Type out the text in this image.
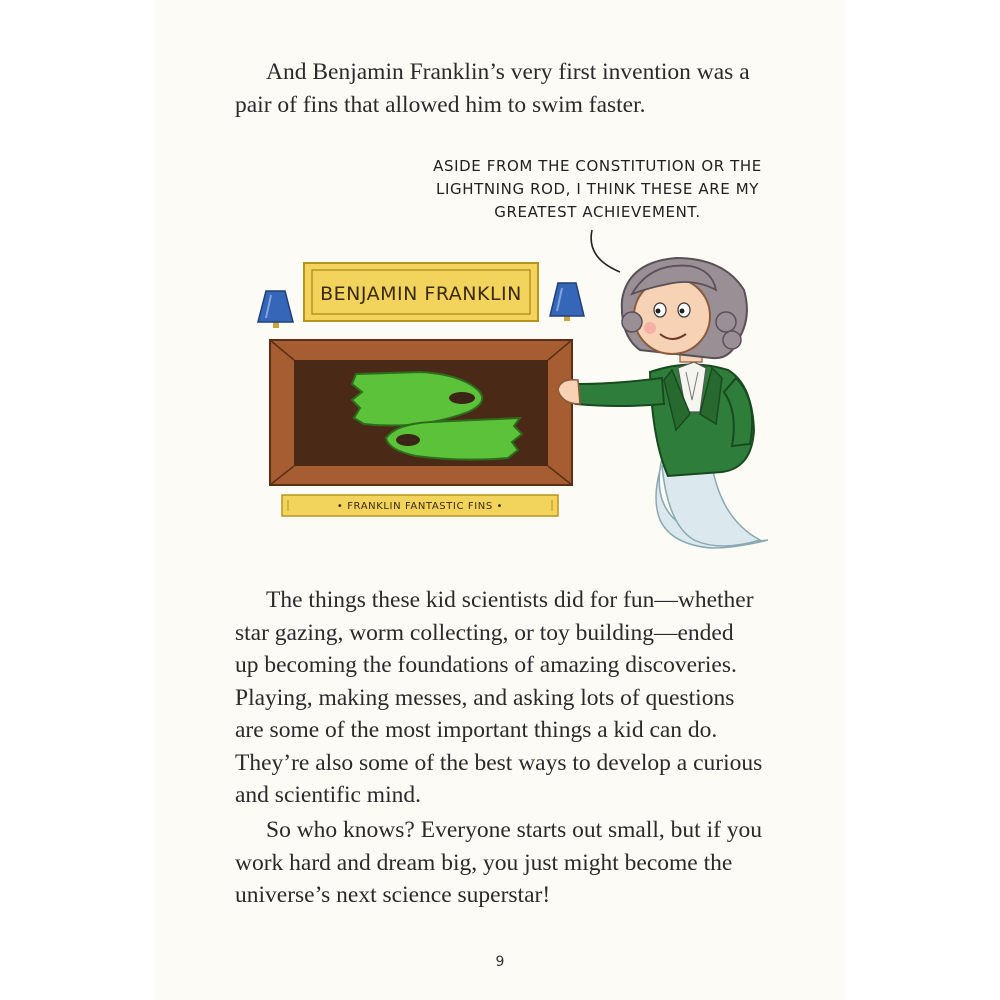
And Benjamin Franklin’s very first invention was a
pair of fins that allowed him to swim faster.

ASIDE FROM THE CONSTITUTION OR THE
LIGHTNING ROD, I THINK THESE ARE MY
GREATEST ACHIEVEMENT.
BENJAMIN FRANKLIN
• FRANKLIN FANTASTIC FINS •

The things these kid scientists did for fun—whether
star gazing, worm collecting, or toy building—ended
up becoming the foundations of amazing discoveries.
Playing, making messes, and asking lots of questions
are some of the most important things a kid can do.
They’re also some of the best ways to develop a curious
and scientific mind.

So who knows? Everyone starts out small, but if you
work hard and dream big, you just might become the
universe’s next science superstar!

9
